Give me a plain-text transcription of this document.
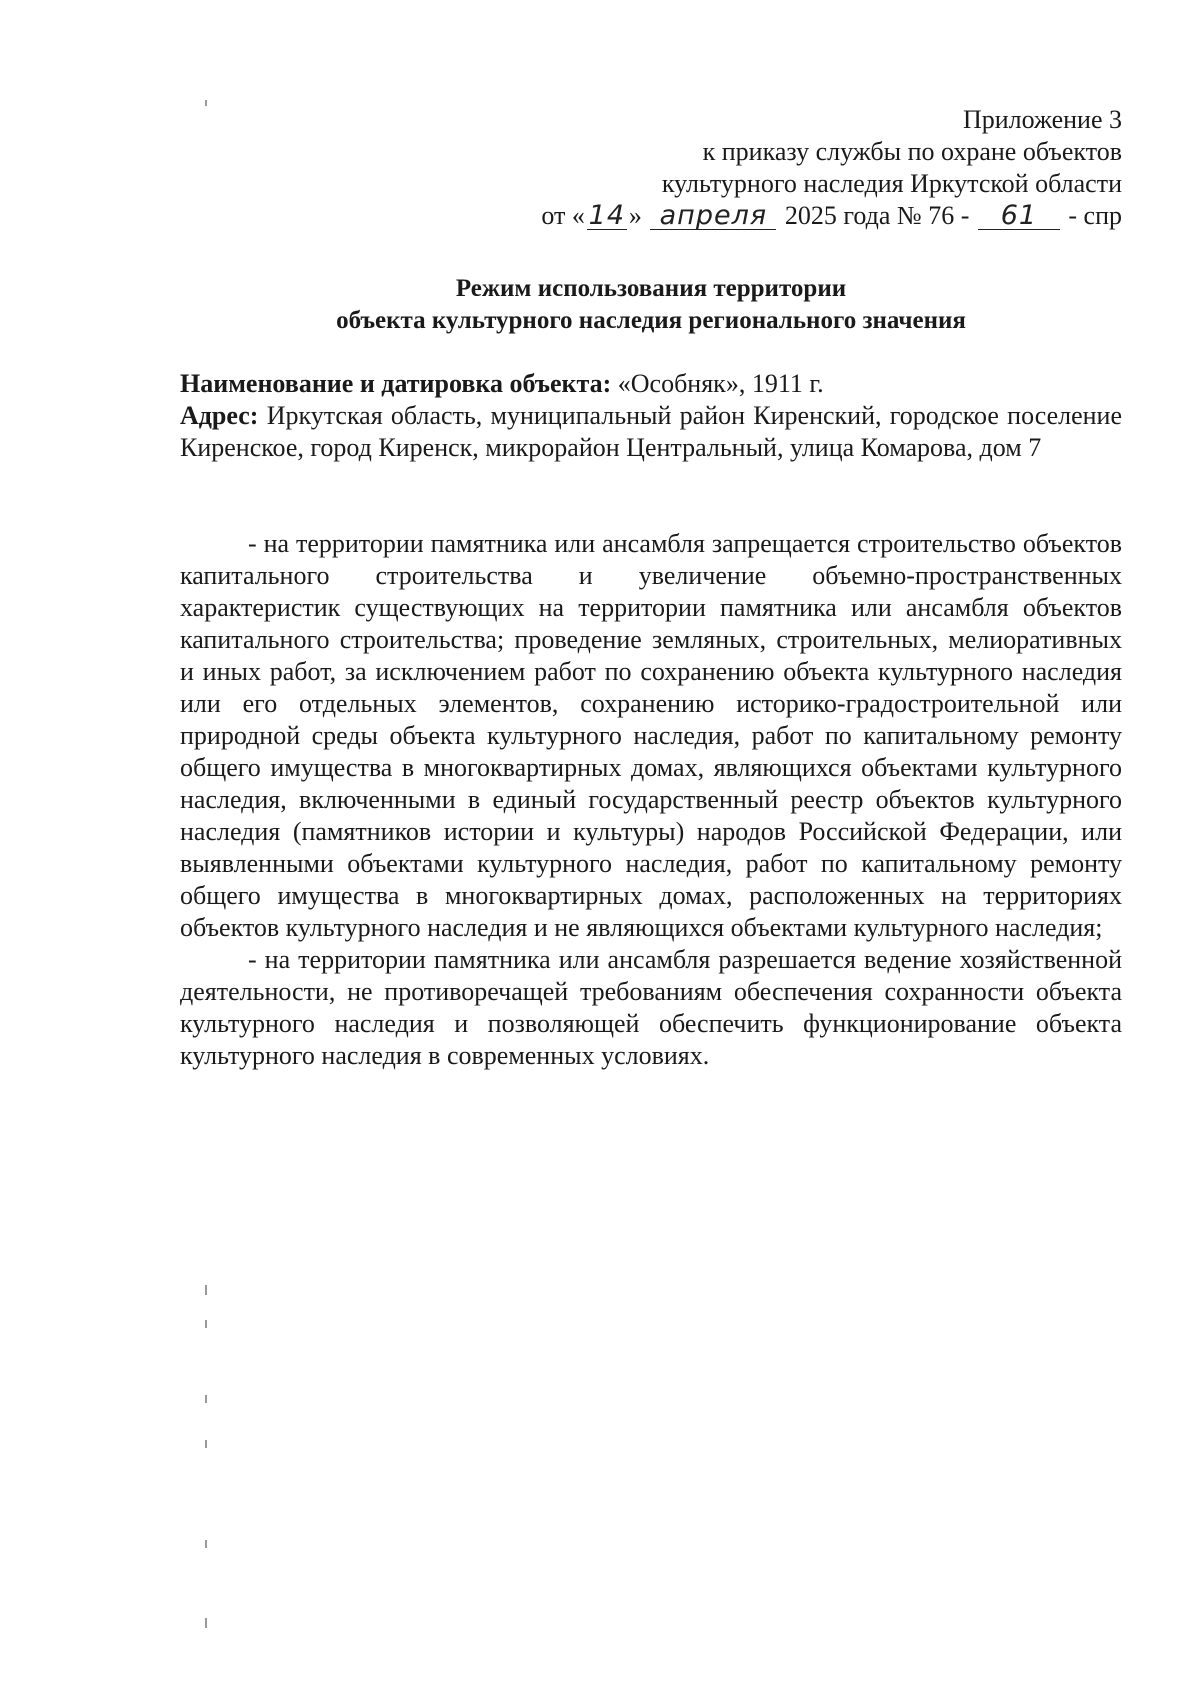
Приложение 3
к приказу службы по охране объектов
культурного наследия Иркутской области
от « 14 » апреля 2025 года № 76 - 61 - спр
Режим использования территории
объекта культурного наследия регионального значения

Наименование и датировка объекта: «Особняк», 1911 г.

Адрес: Иркутская область, муниципальный район Киренский, городское поселение Киренское, город Киренск, микрорайон Центральный, улица Комарова, дом 7

- на территории памятника или ансамбля запрещается строительство объектов капитального строительства и увеличение объемно-пространственных характеристик существующих на территории памятника или ансамбля объектов капитального строительства; проведение земляных, строительных, мелиоративных и иных работ, за исключением работ по сохранению объекта культурного наследия или его отдельных элементов, сохранению историко-градостроительной или природной среды объекта культурного наследия, работ по капитальному ремонту общего имущества в многоквартирных домах, являющихся объектами культурного наследия, включенными в единый государственный реестр объектов культурного наследия (памятников истории и культуры) народов Российской Федерации, или выявленными объектами культурного наследия, работ по капитальному ремонту общего имущества в многоквартирных домах, расположенных на территориях объектов культурного наследия и не являющихся объектами культурного наследия;

- на территории памятника или ансамбля разрешается ведение хозяйственной деятельности, не противоречащей требованиям обеспечения сохранности объекта культурного наследия и позволяющей обеспечить функционирование объекта культурного наследия в современных условиях.
